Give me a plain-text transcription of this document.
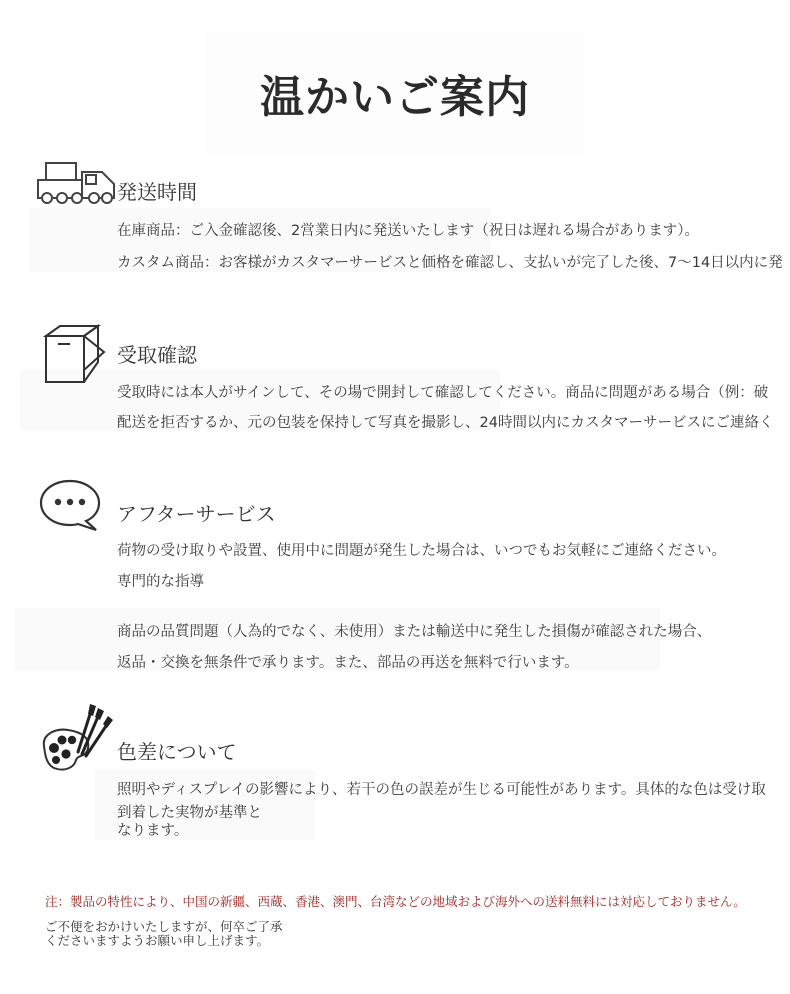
温かいご案内
発送時間

在庫商品：ご入金確認後、2営業日内に発送いたします（祝日は遅れる場合があります）。

カスタム商品：お客様がカスタマーサービスと価格を確認し、支払いが完了した後、7〜14日以内に発

受取確認

受取時には本人がサインして、その場で開封して確認してください。商品に問題がある場合（例：破

配送を拒否するか、元の包装を保持して写真を撮影し、24時間以内にカスタマーサービスにご連絡く

アフターサービス

荷物の受け取りや設置、使用中に問題が発生した場合は、いつでもお気軽にご連絡ください。

専門的な指導

商品の品質問題（人為的でなく、未使用）または輸送中に発生した損傷が確認された場合、

返品・交換を無条件で承ります。また、部品の再送を無料で行います。

色差について

照明やディスプレイの影響により、若干の色の誤差が生じる可能性があります。具体的な色は受け取

到着した実物が基準と

なります。

注：製品の特性により、中国の新疆、西蔵、香港、澳門、台湾などの地域および海外への送料無料には対応しておりません。

ご不便をおかけいたしますが、何卒ご了承くださいますようお願い申し上げます。
